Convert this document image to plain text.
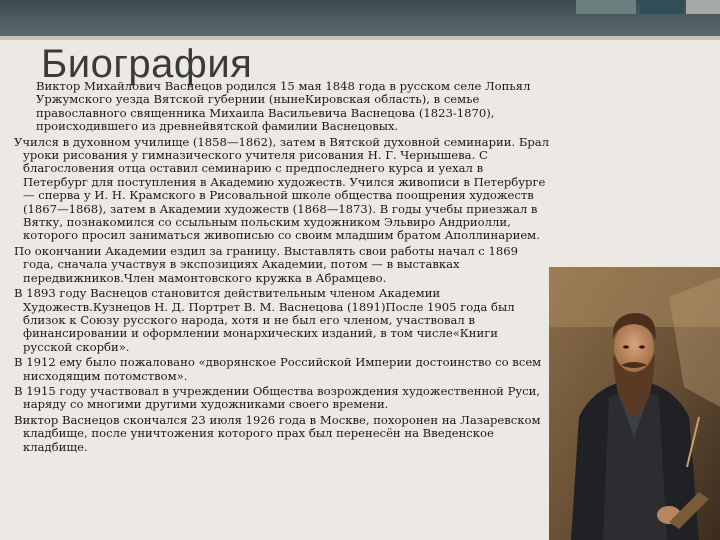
Биография

Виктор Михайлович Васнецов родился 15 мая 1848 года в русском селе Лопьял Уржумского уезда Вятской губернии (нынеКировская область), в семье православного священника Михаила Васильевича Васнецова (1823-1870), происходившего из древнейвятской фамилии Васнецовых.

Учился в духовном училище (1858—1862), затем в Вятской духовной семинарии. Брал уроки рисования у гимназического учителя рисования Н. Г. Чернышева. С благословения отца оставил семинарию с предпоследнего курса и уехал в Петербург для поступления в Академию художеств. Учился живописи в Петербурге — сперва у И. Н. Крамского в Рисовальной школе общества поощрения художеств (1867—1868), затем в Академии художеств (1868—1873). В годы учебы приезжал в Вятку, познакомился со ссыльным польским художником Эльвиро Андриолли, которого просил заниматься живописью со своим младшим братом Аполлинарием.

По окончании Академии ездил за границу. Выставлять свои работы начал с 1869 года, сначала участвуя в экспозициях Академии, потом — в выставках передвижников.Член мамонтовского кружка в Абрамцево.

В 1893 году Васнецов становится действительным членом Академии Художеств.Кузнецов Н. Д. Портрет В. М. Васнецова (1891)После 1905 года был близок к Союзу русского народа, хотя и не был его членом, участвовал в финансировании и оформлении монархических изданий, в том числе«Книги русской скорби».

В 1912 ему было пожаловано «дворянское Российской Империи достоинство со всем нисходящим потомством».

В 1915 году участвовал в учреждении Общества возрождения художественной Руси, наряду со многими другими художниками своего времени.

Виктор Васнецов скончался 23 июля 1926 года в Москве, похоронен на Лазаревском кладбище, после уничтожения которого прах был перенесён на Введенское кладбище.
